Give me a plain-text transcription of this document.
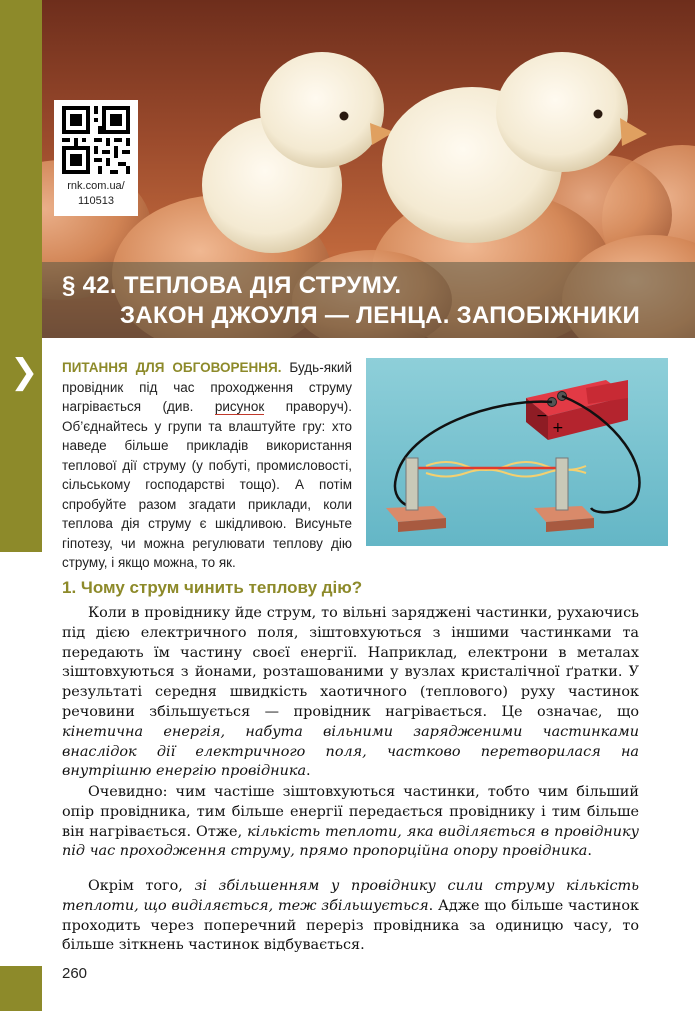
❯
§ 42. ТЕПЛОВА ДІЯ СТРУМУ.
ЗАКОН ДЖОУЛЯ — ЛЕНЦА. ЗАПОБІЖНИКИ
rnk.com.ua/
110513
ПИТАННЯ ДЛЯ ОБГОВОРЕННЯ. Будь-який провідник під час проходження струму нагрівається (див. рисунок праворуч). Об’єднайтесь у групи та влаштуйте гру: хто наведе більше прикладів використання теплової дії струму (у побуті, промисловості, сільському господарстві тощо). А потім спробуйте разом згадати приклади, коли теплова дія струму є шкідливою. Висуньте гіпотезу, чи можна регулювати теплову дію струму, і якщо можна, то як.
−
+
1. Чому струм чинить теплову дію?

Коли в провіднику йде струм, то вільні заряджені частинки, рухаючись під дією електричного поля, зіштовхуються з іншими частинками та передають їм частину своєї енергії. Наприклад, електрони в металах зіштовхуються з йонами, розташованими у вузлах кристалічної ґратки. У результаті середня швидкість хаотичного (теплового) руху частинок речовини збільшується — провідник нагрівається. Це означає, що кінетична енергія, набута вільними зарядженими частинками внаслідок дії електричного поля, частково перетворилася на внутрішню енергію провідника.

Очевидно: чим частіше зіштовхуються частинки, тобто чим більший опір провідника, тим більше енергії передається провіднику і тим більше він нагрівається. Отже, кількість теплоти, яка виділяється в провіднику під час проходження струму, прямо пропорційна опору провідника.

Окрім того, зі збільшенням у провіднику сили струму кількість теплоти, що виділяється, теж збільшується. Адже що більше частинок проходить через поперечний переріз провідника за одиницю часу, то більше зіткнень частинок відбувається.

260
